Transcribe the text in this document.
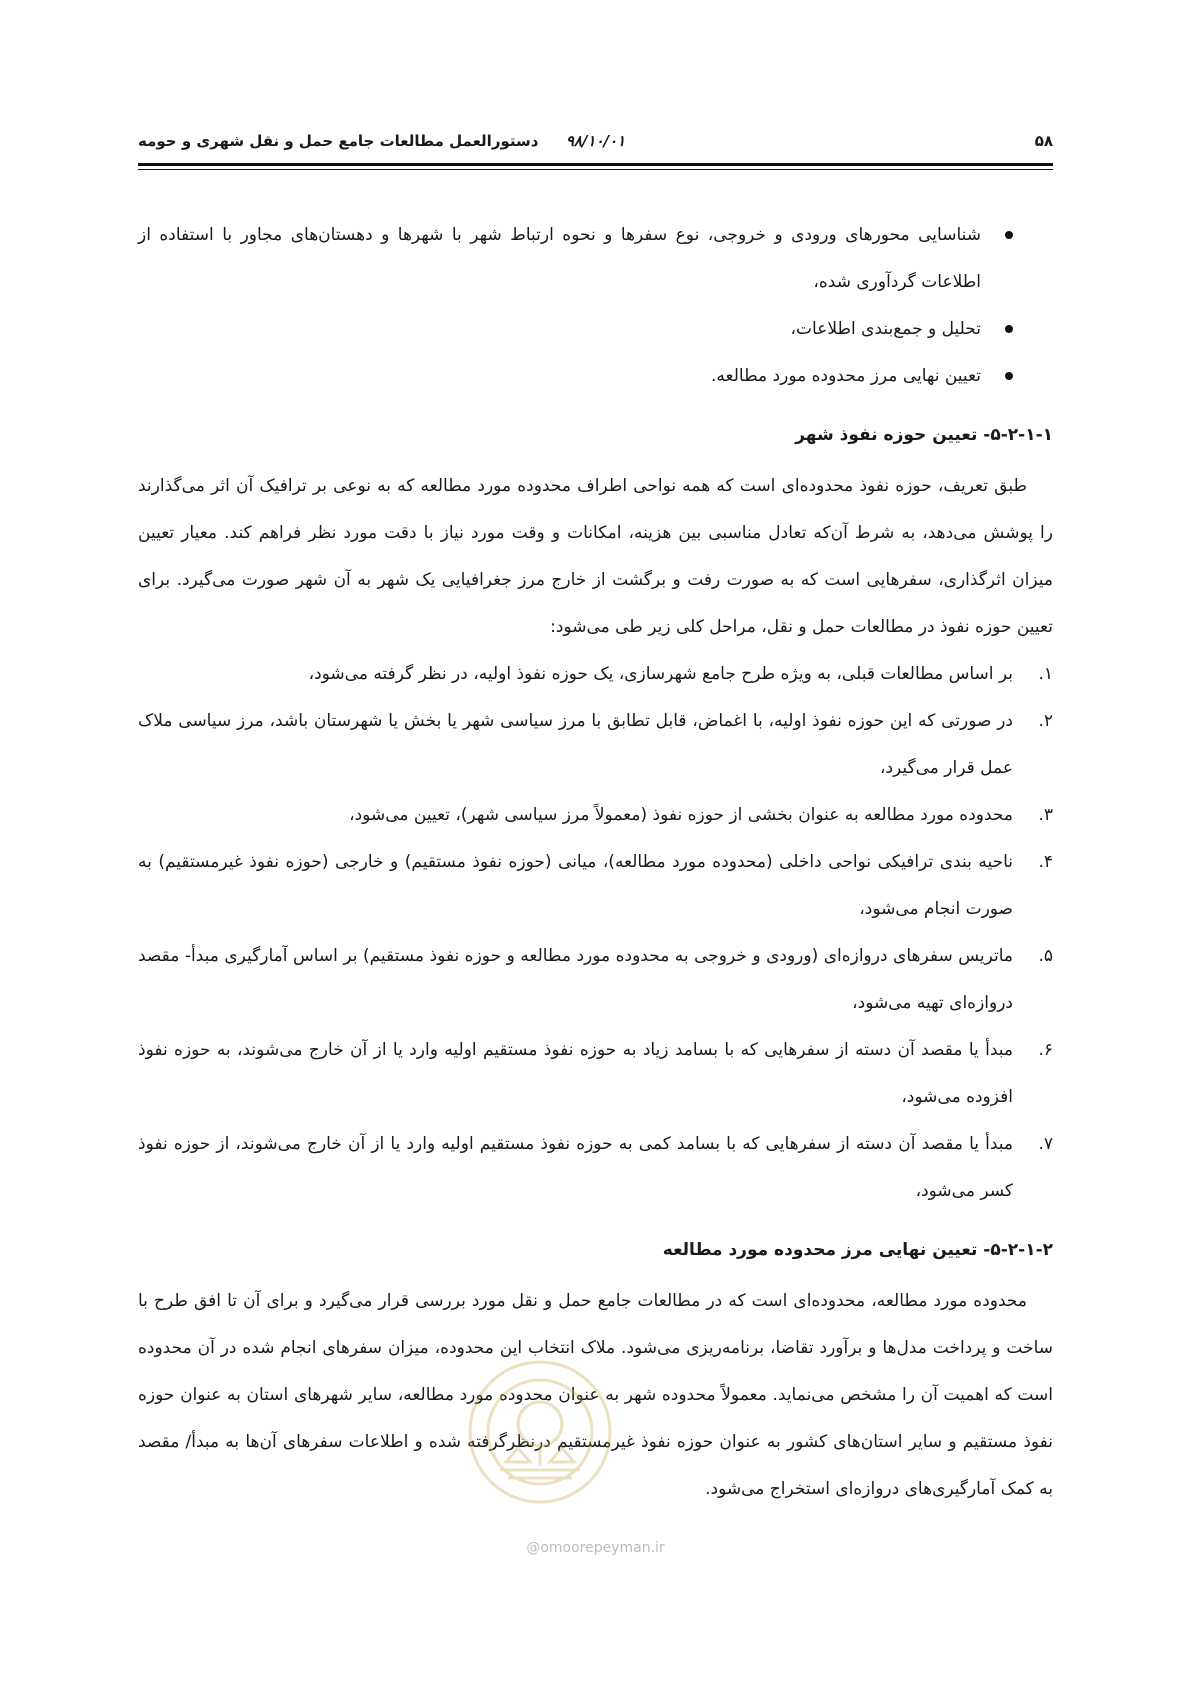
۵۸
۹۸/۱۰/۰۱
دستورالعمل مطالعات جامع حمل و نقل شهری و حومه
شناسایی محورهای ورودی و خروجی، نوع سفرها و نحوه ارتباط شهر با شهرها و دهستان‌های مجاور با استفاده از اطلاعات گردآوری شده،
تحلیل و جمع‌بندی اطلاعات،
تعیین نهایی مرز محدوده مورد مطالعه.
۵-۲-۱-۱- تعیین حوزه نفوذ شهر

طبق تعریف، حوزه نفوذ محدوده‌ای است که همه نواحی اطراف محدوده مورد مطالعه که به نوعی بر ترافیک آن اثر می‌گذارند را پوشش می‌دهد، به شرط آن‌که تعادل مناسبی بین هزینه، امکانات و وقت مورد نیاز با دقت مورد نظر فراهم کند. معیار تعیین میزان اثرگذاری، سفرهایی است که به صورت رفت و برگشت از خارج مرز جغرافیایی یک شهر به آن شهر صورت می‌گیرد. برای تعیین حوزه نفوذ در مطالعات حمل و نقل، مراحل کلی زیر طی می‌شود:

۱.
بر اساس مطالعات قبلی، به ویژه طرح جامع شهرسازی، یک حوزه نفوذ اولیه، در نظر گرفته می‌شود،
۲.
در صورتی که این حوزه نفوذ اولیه، با اغماض، قابل تطابق با مرز سیاسی شهر یا بخش یا شهرستان باشد، مرز سیاسی ملاک عمل قرار می‌گیرد،
۳.
محدوده مورد مطالعه به عنوان بخشی از حوزه نفوذ (معمولاً مرز سیاسی شهر)، تعیین می‌شود،
۴.
ناحیه بندی ترافیکی نواحی داخلی (محدوده مورد مطالعه)، میانی (حوزه نفوذ مستقیم) و خارجی (حوزه نفوذ غیرمستقیم) به صورت انجام می‌شود،
۵.
ماتریس سفرهای دروازه‌ای (ورودی و خروجی به محدوده مورد مطالعه و حوزه نفوذ مستقیم) بر اساس آمارگیری مبدأ- مقصد دروازه‌ای تهیه می‌شود،
۶.
مبدأ یا مقصد آن دسته از سفرهایی که با بسامد زیاد به حوزه نفوذ مستقیم اولیه وارد یا از آن خارج می‌شوند، به حوزه نفوذ افزوده می‌شود،
۷.
مبدأ یا مقصد آن دسته از سفرهایی که با بسامد کمی به حوزه نفوذ مستقیم اولیه وارد یا از آن خارج می‌شوند، از حوزه نفوذ کسر می‌شود،
۵-۲-۱-۲- تعیین نهایی مرز محدوده مورد مطالعه

محدوده مورد مطالعه، محدوده‌ای است که در مطالعات جامع حمل و نقل مورد بررسی قرار می‌گیرد و برای آن تا افق طرح با ساخت و پرداخت مدل‌ها و برآورد تقاضا، برنامه‌ریزی می‌شود. ملاک انتخاب این محدوده، میزان سفرهای انجام شده در آن محدوده است که اهمیت آن را مشخص می‌نماید. معمولاً محدوده شهر به عنوان محدوده مورد مطالعه، سایر شهرهای استان به عنوان حوزه نفوذ مستقیم و سایر استان‌های کشور به عنوان حوزه نفوذ غیرمستقیم درنظرگرفته شده و اطلاعات سفرهای آن‌ها به مبدأ/ مقصد به کمک آمارگیری‌های دروازه‌ای استخراج می‌شود.

@omoorepeyman.ir
